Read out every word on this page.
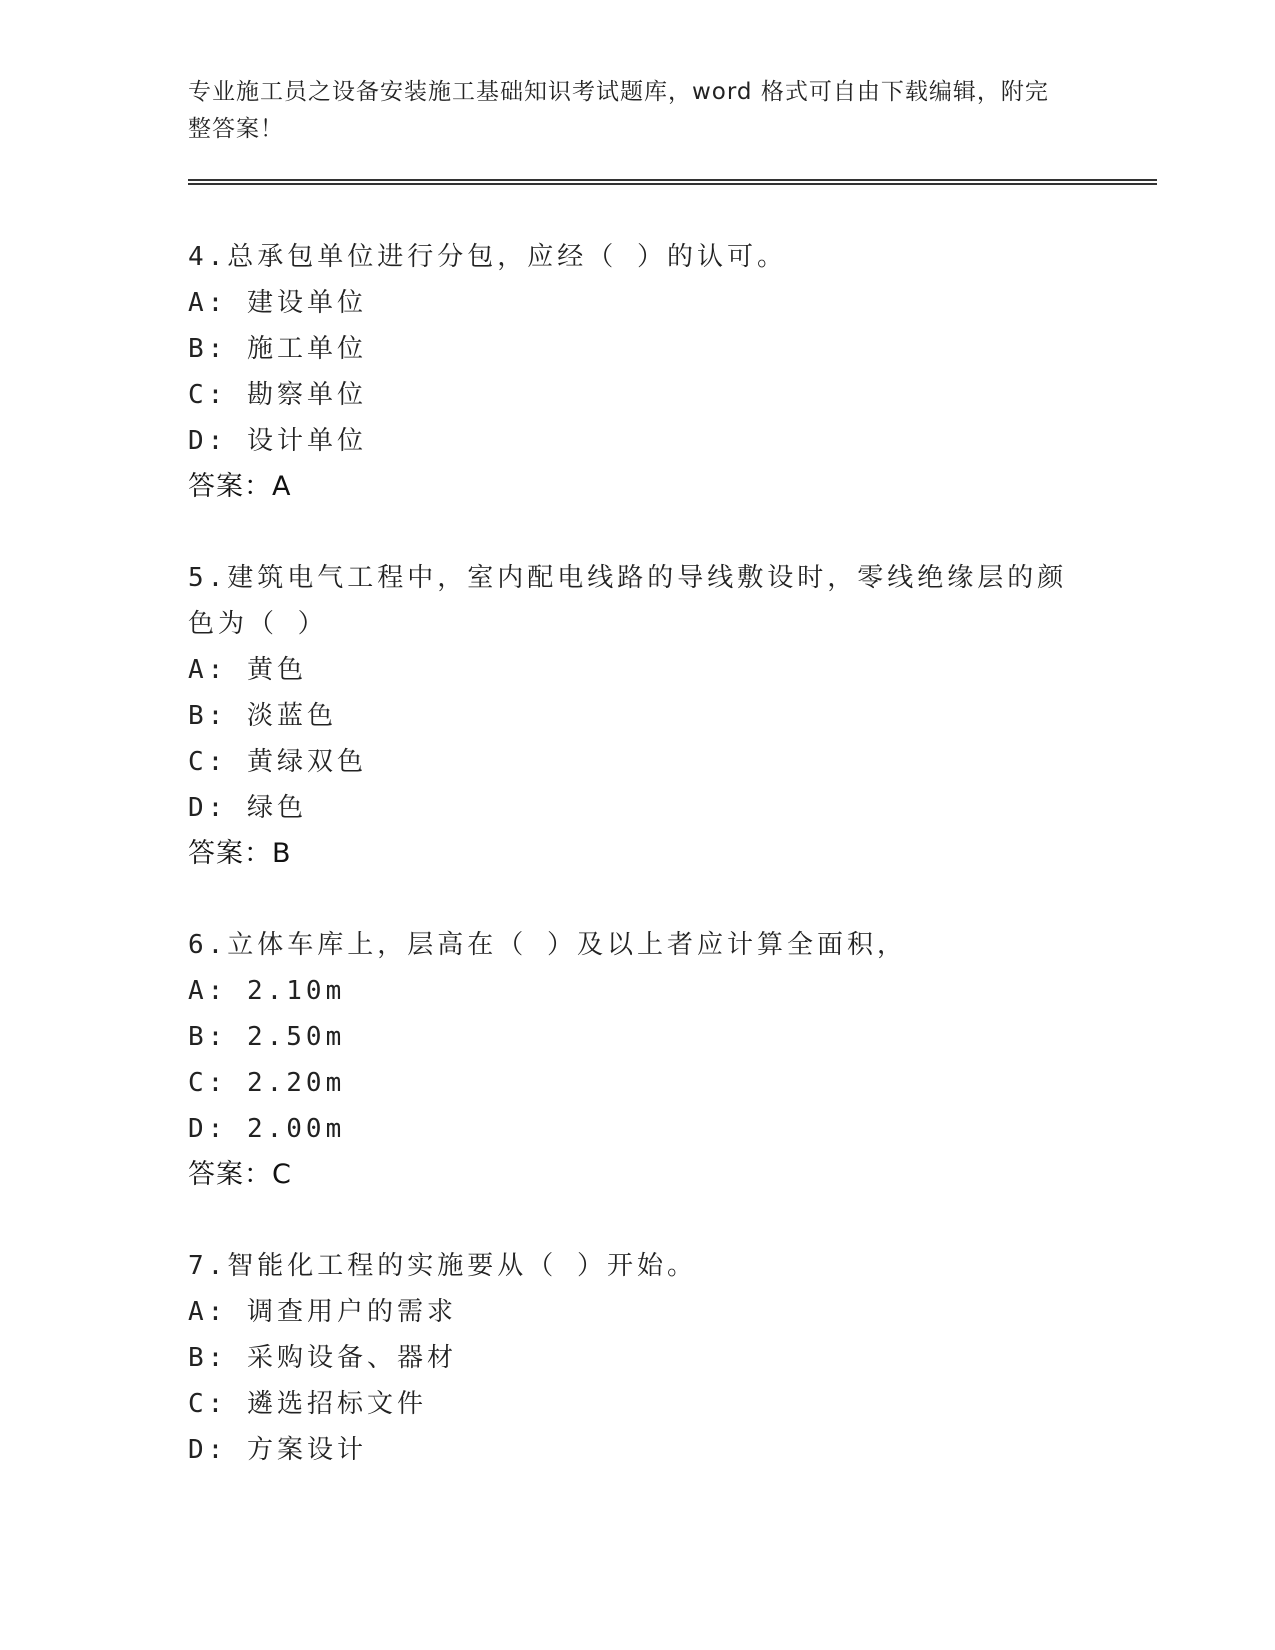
专业施工员之设备安装施工基础知识考试题库，word 格式可自由下载编辑，附完整答案！

4.总承包单位进行分包，应经（ ）的认可。

A: 建设单位

B: 施工单位

C: 勘察单位

D: 设计单位

答案：A

5.建筑电气工程中，室内配电线路的导线敷设时，零线绝缘层的颜色为（ ）

A: 黄色

B: 淡蓝色

C: 黄绿双色

D: 绿色

答案：B

6.立体车库上，层高在（ ）及以上者应计算全面积，

A: 2.10m

B: 2.50m

C: 2.20m

D: 2.00m

答案：C

7.智能化工程的实施要从（ ）开始。

A: 调查用户的需求

B: 采购设备、器材

C: 遴选招标文件

D: 方案设计
